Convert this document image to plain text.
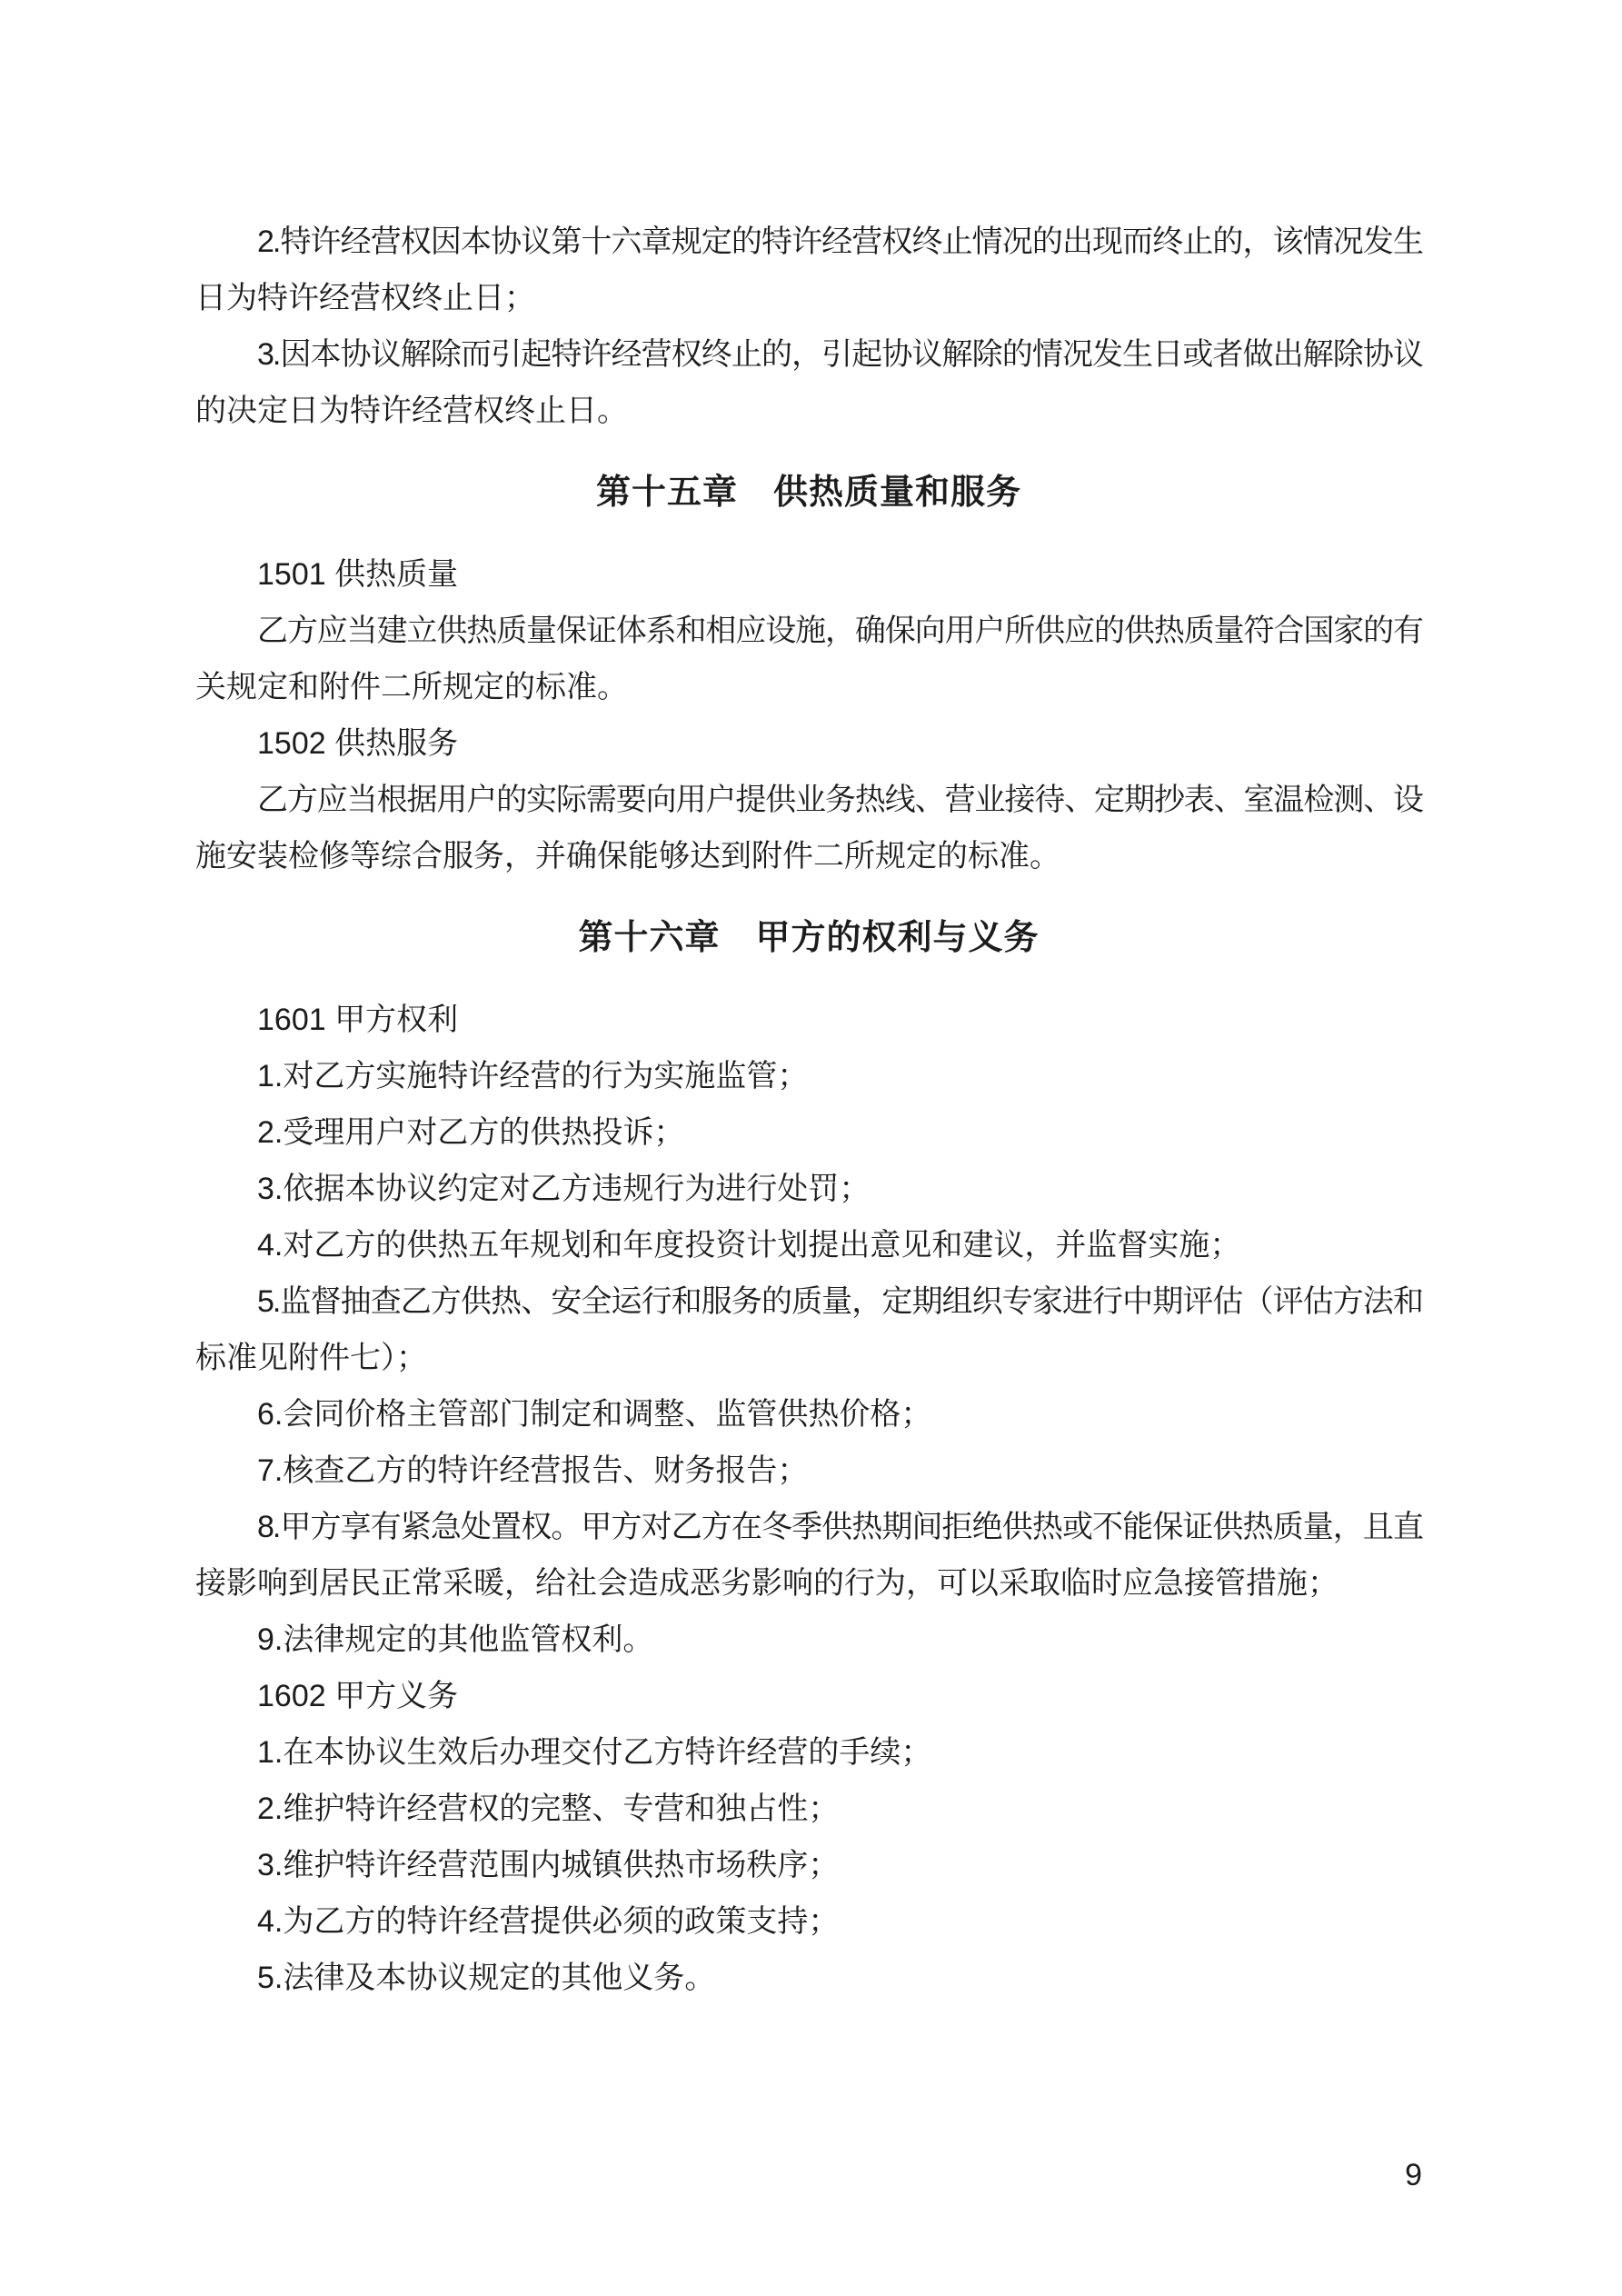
2.特许经营权因本协议第十六章规定的特许经营权终止情况的出现而终止的，该情况发生
日为特许经营权终止日；
3.因本协议解除而引起特许经营权终止的，引起协议解除的情况发生日或者做出解除协议
的决定日为特许经营权终止日。
第十五章　供热质量和服务
1501 供热质量
乙方应当建立供热质量保证体系和相应设施，确保向用户所供应的供热质量符合国家的有
关规定和附件二所规定的标准。
1502 供热服务
乙方应当根据用户的实际需要向用户提供业务热线、营业接待、定期抄表、室温检测、设
施安装检修等综合服务，并确保能够达到附件二所规定的标准。
第十六章　甲方的权利与义务
1601 甲方权利
1.对乙方实施特许经营的行为实施监管；
2.受理用户对乙方的供热投诉；
3.依据本协议约定对乙方违规行为进行处罚；
4.对乙方的供热五年规划和年度投资计划提出意见和建议，并监督实施；
5.监督抽查乙方供热、安全运行和服务的质量，定期组织专家进行中期评估（评估方法和
标准见附件七）；
6.会同价格主管部门制定和调整、监管供热价格；
7.核查乙方的特许经营报告、财务报告；
8.甲方享有紧急处置权。甲方对乙方在冬季供热期间拒绝供热或不能保证供热质量，且直
接影响到居民正常采暖，给社会造成恶劣影响的行为，可以采取临时应急接管措施；
9.法律规定的其他监管权利。
1602 甲方义务
1.在本协议生效后办理交付乙方特许经营的手续；
2.维护特许经营权的完整、专营和独占性；
3.维护特许经营范围内城镇供热市场秩序；
4.为乙方的特许经营提供必须的政策支持；
5.法律及本协议规定的其他义务。
9
